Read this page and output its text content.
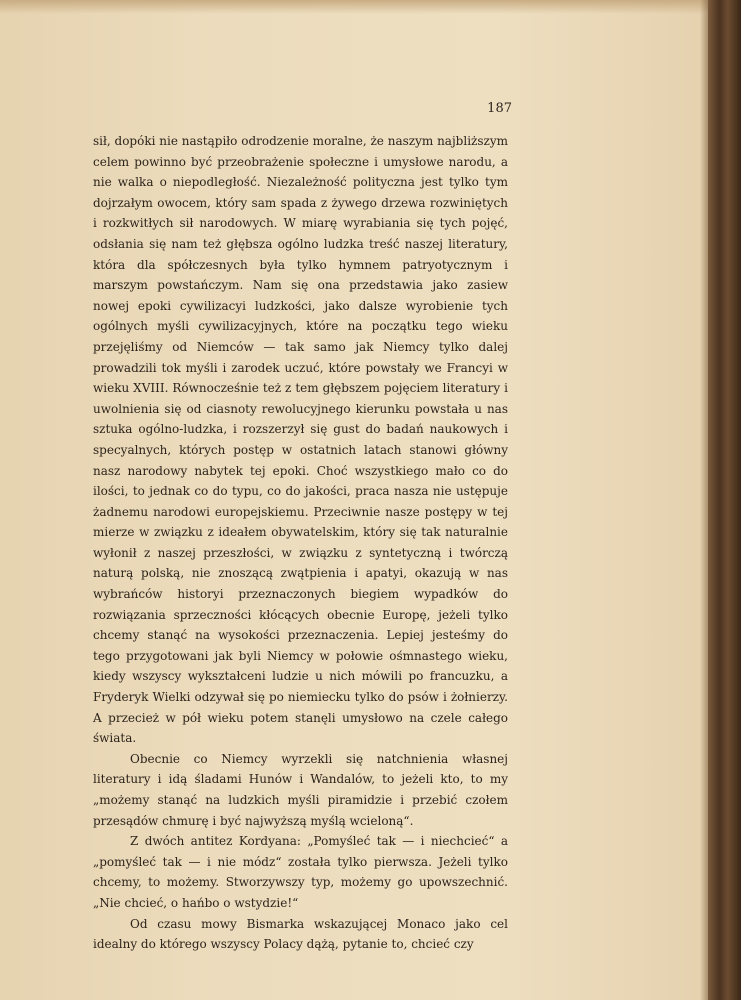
187

sił, dopóki nie nastąpiło odrodzenie moralne, że naszym najbliższym celem powinno być przeobrażenie społeczne i umysłowe narodu, a nie walka o niepodległość. Niezależność polityczna jest tylko tym dojrzałym owocem, który sam spada z żywego drzewa rozwiniętych i rozkwitłych sił narodowych. W miarę wyrabiania się tych pojęć, odsłania się nam też głębsza ogólno ludzka treść naszej literatury, która dla spółczesnych była tylko hymnem patryotycznym i marszym powstańczym. Nam się ona przedstawia jako zasiew nowej epoki cywilizacyi ludzkości, jako dalsze wyrobienie tych ogólnych myśli cywilizacyjnych, które na początku tego wieku przejęliśmy od Niemców — tak samo jak Niemcy tylko dalej prowadzili tok myśli i zarodek uczuć, które powstały we Francyi w wieku XVIII. Równocześnie też z tem głębszem pojęciem literatury i uwolnienia się od ciasnoty rewolucyjnego kierunku powstała u nas sztuka ogólno-ludzka, i rozszerzył się gust do badań naukowych i specyalnych, których postęp w ostatnich latach stanowi główny nasz narodowy nabytek tej epoki. Choć wszystkiego mało co do ilości, to jednak co do typu, co do jakości, praca nasza nie ustępuje żadnemu narodowi europejskiemu. Przeciwnie nasze postępy w tej mierze w związku z ideałem obywatelskim, który się tak naturalnie wyłonił z naszej przeszłości, w związku z syntetyczną i twórczą naturą polską, nie znoszącą zwątpienia i apatyi, okazują w nas wybrańców historyi przeznaczonych biegiem wypadków do rozwiązania sprzeczności kłócących obecnie Europę, jeżeli tylko chcemy stanąć na wysokości przeznaczenia. Lepiej jesteśmy do tego przygotowani jak byli Niemcy w połowie ośmnastego wieku, kiedy wszyscy wykształceni ludzie u nich mówili po francuzku, a Fryderyk Wielki odzywał się po niemiecku tylko do psów i żołnierzy. A przecież w pół wieku potem stanęli umysłowo na czele całego świata.

Obecnie co Niemcy wyrzekli się natchnienia własnej literatury i idą śladami Hunów i Wandalów, to jeżeli kto, to my „możemy stanąć na ludzkich myśli piramidzie i przebić czołem przesądów chmurę i być najwyższą myślą wcieloną“.

Z dwóch antitez Kordyana: „Pomyśleć tak — i niechcieć“ a „pomyśleć tak — i nie módz“ została tylko pierwsza. Jeżeli tylko chcemy, to możemy. Stworzywszy typ, możemy go upowszechnić. „Nie chcieć, o hańbo o wstydzie!“

Od czasu mowy Bismarka wskazującej Monaco jako cel idealny do którego wszyscy Polacy dążą, pytanie to, chcieć czy
